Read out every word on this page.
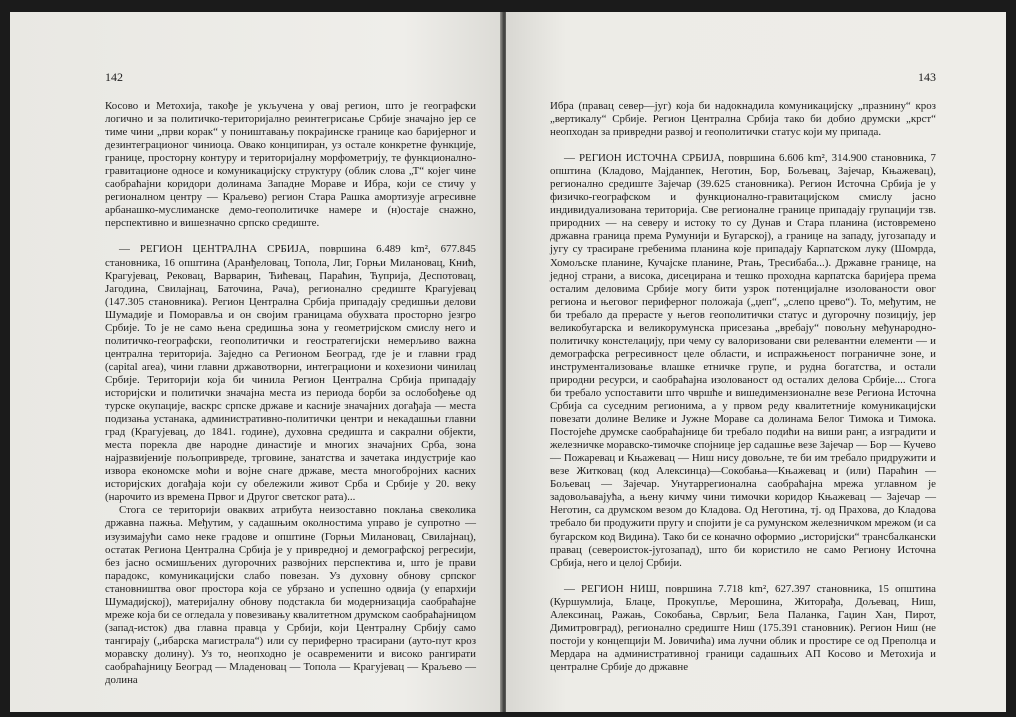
142

Косово и Метохија, такође је укључена у овај регион, што је географски логично и за политичко-територијално реинтегрисање Србије значајно јер се тиме чини „први корак“ у поништавању покрајинске границе као баријерног и дезинтеграционог чиниоца. Овако конципиран, уз остале конкретне функције, границе, просторну контуру и територијалну морфометрију, те функционално-гравитационе односе и комуникациjску структуру (облик слова „Т“ којег чине саобраћајни коридори долинама Западне Мораве и Ибра, који се стичу у регионалном центру — Краљево) регион Стара Рашка амортизује агресивне арбанашко-муслиманске демо-геополитичке намере и (н)остаје снажно, перспективно и вишезначно српско средиште.

— РЕГИОН ЦЕНТРАЛНА СРБИЈА, површина 6.489 km², 677.845 становника, 16 општина (Аранђеловац, Топола, Лиг, Горњи Милановац, Кнић, Крагујевац, Рековац, Варварин, Ћићевац, Параћин, Ћуприја, Деспотовац, Јагодина, Свилајнац, Баточина, Рача), регионално средиште Крагујевац (147.305 становника). Регион Централна Србија припадају средишњи делови Шумадије и Поморавља и он својим границама обухвата просторно језгро Србије. То је не само њена средишња зона у геометријском смислу него и политичко-географски, геополитички и геостратегијски немерљиво важна централна територија. Заједно са Регионом Београд, где је и главни град (capital area), чини главни државотворни, интеграциони и кохезиони чинилац Србије. Територији која би чинила Регион Централна Србија припадају историјски и политички значајна места из периода борби за ослобођење од турске окупације, васкрс српске државе и касније значајних догађаја — места подизања устанака, административно-политички центри и некадашњи главни град (Крагујевац, до 1841. године), духовна средишта и сакрални објекти, места порекла две народне династије и многих значајних Срба, зона најразвијеније пољопривреде, трговине, занатства и зачетака индустрије као извора економске моћи и војне снаге државе, места многобројних касних историјских догађаја који су обележили живот Срба и Србије у 20. веку (нарочито из времена Првог и Другог светског рата)...

Стога се територији оваквих атрибута неизоставно поклања свеколика државна пажња. Међутим, у садашњим околностима управо је супротно — изузимајући само неке градове и општине (Горњи Милановац, Свилајнац), остатак Региона Централна Србија је у привредној и демографској регресији, без јасно осмишљених дугорочних развојних перспектива и, што је прави парадокс, комуникацијски слабо повезан. Уз духовну обнову српског становништва овог простора која се убрзано и успешно одвија (у епархији Шумадијској), материјалну обнову подстакла би модернизација саобраћајне мреже која би се огледала у повезивању квалитетном друмском саобраћајницом (запад-исток) два главна правца у Србији, који Централну Србију само тангирају („ибарска магистрала“) или су периферно трасирани (ауто-пут кроз моравску долину). Уз то, неопходно је осавременити и високо рангирати саобраћајницу Београд — Младеновац — Топола — Крагујевац — Краљево — долина

143

Ибра (правац север—југ) која би надокнадила комуникацијску „празнину“ кроз „вертикалу“ Србије. Регион Централна Србија тако би добио друмски „крст“ неопходан за привредни развој и геополитички статус који му припада.

— РЕГИОН ИСТОЧНА СРБИЈА, површина 6.606 km², 314.900 становника, 7 општина (Кладово, Мајданпек, Неготин, Бор, Бољевац, Зајечар, Књажевац), регионално средиште Зајечар (39.625 становника). Регион Источна Србија је у физичко-географском и функционално-гравитацијском смислу јасно индивидуализована територија. Све регионалне границе припадају групацији тзв. природних — на северу и истоку то су Дунав и Стара планина (истовремено државна граница према Румунији и Бугарској), а границе на западу, југозападу и југу су трасиране гребенима планина које припадају Карпатском луку (Шомрда, Хомољске планине, Кучајске планине, Ртањ, Тресибаба...). Државне границе, на једној страни, а висока, дисецирана и тешко проходна карпатска баријера према осталим деловима Србије могу бити узрок потенцијалне изолованости овог региона и његовог периферног положаја („џеп“, „слепо црево“). То, међутим, не би требало да прерасте у његов геополитички статус и дугорочну позицију, јер великобугарска и великорумунска присезања „вребају“ повољну међународно-политичку констелацију, при чему су валоризовани сви релевантни елементи — и демографска регресивност целе области, и испражњеност пограничне зоне, и инструментализовање влашке етничке групе, и рудна богатства, и остали природни ресурси, и саобраћајна изолованост од осталих делова Србије.... Стога би требало успоставити што чвршће и вишедимензионалне везе Региона Источна Србија са суседним регионима, а у првом реду квалитетније комуникацијски повезати долине Велике и Јужне Мораве са долинама Белог Тимока и Тимока. Постојеће друмске саобраћајнице би требало подићи на виши ранг, а изградити и железничке моравско-тимочке спојнице јер садашње везе Зајечар — Бор — Кучево — Пожаревац и Књажевац — Ниш нису довољне, те би им требало придружити и везе Житковац (код Алексинца)—Сокобања—Књажевац и (или) Параћин — Бољевац — Зајечар. Унутаррегионална саобраћајна мрежа углавном је задовољавајућа, а њену кичму чини тимочки коридор Књажевац — Зајечар — Неготин, са друмском везом до Кладова. Од Неготина, тј. од Прахова, до Кладова требало би продужити пругу и спојити је са румунском железничком мрежом (и са бугарском код Видина). Тако би се коначно оформио „историјски“ трансбалкански правац (североисток-југозапад), што би користило не само Региону Источна Србија, него и целој Србији.

— РЕГИОН НИШ, површина 7.718 km², 627.397 становника, 15 општина (Куршумлија, Блаце, Прокупље, Мерошина, Житорађа, Дољевац, Ниш, Алексинац, Ражањ, Сокобања, Сврљиг, Бела Паланка, Гаџин Хан, Пирот, Димитровград), регионално средиште Ниш (175.391 становник). Регион Ниш (не постоји у концепцији М. Јовичића) има лучни облик и простире се од Преполца и Мердара на административној граници садашњих АП Косово и Метохија и централне Србије до државне
